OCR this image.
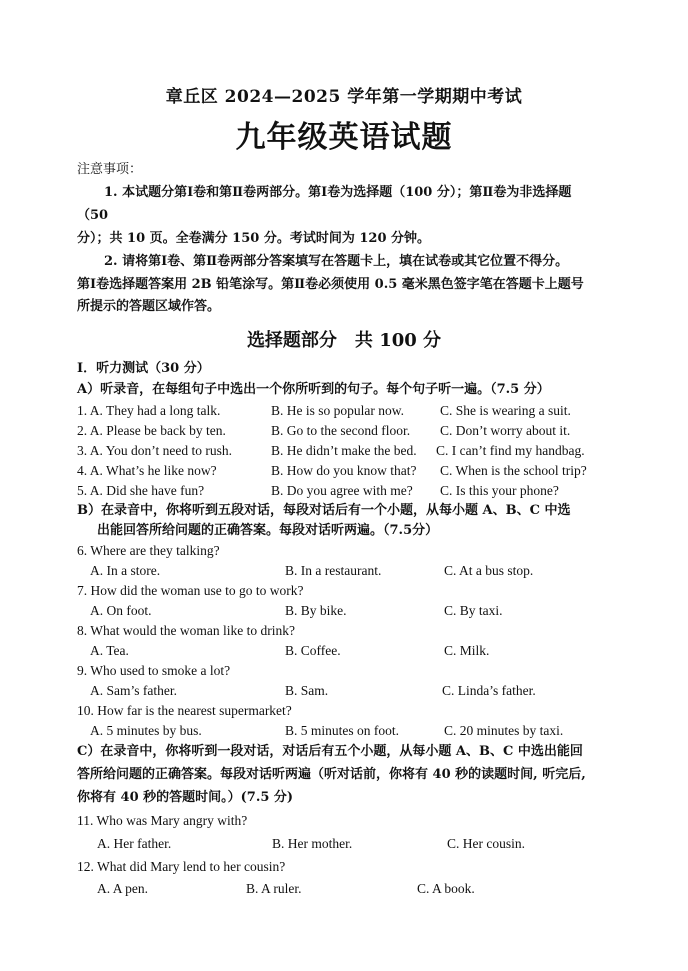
章丘区 2024—2025 学年第一学期期中考试
九年级英语试题
注意事项：
1. 本试题分第Ⅰ卷和第Ⅱ卷两部分。第Ⅰ卷为选择题（100 分）；第Ⅱ卷为非选择题
（50
分）；共 10 页。全卷满分 150 分。考试时间为 120 分钟。
2. 请将第Ⅰ卷、第Ⅱ卷两部分答案填写在答题卡上，填在试卷或其它位置不得分。
第Ⅰ卷选择题答案用 2B 铅笔涂写。第Ⅱ卷必须使用 0.5 毫米黑色签字笔在答题卡上题号
所提示的答题区域作答。
选择题部分　共 100 分
I．听力测试（30 分）
A）听录音，在每组句子中选出一个你所听到的句子。每个句子听一遍。（7.5 分）
1. A. They had a long talk.	B. He is so popular now.	C. She is wearing a suit.
2. A. Please be back by ten.	B. Go to the second floor. C. Don’t worry about it.
3. A. You don’t need to rush.	B. He didn’t make the bed. C. I can’t find my handbag.
4. A. What’s he like now?	B. How do you know that? C. When is the school trip?
5. A. Did she have fun?	B. Do you agree with me? C. Is this your phone?
B）在录音中，你将听到五段对话，每段对话后有一个小题，从每小题 A、B、C 中选
出能回答所给问题的正确答案。每段对话听两遍。（7.5分）
6. Where are they talking?
A. In a store.	B. In a restaurant.	C. At a bus stop.
7. How did the woman use to go to work?
A. On foot.	B. By bike.	C. By taxi.
8. What would the woman like to drink?
A. Tea.	B. Coffee.	C. Milk.
9. Who used to smoke a lot?
A. Sam’s father.	B. Sam.	C. Linda’s father.
10. How far is the nearest supermarket?
A. 5 minutes by bus.	B. 5 minutes on foot.	C. 20 minutes by taxi.
C）在录音中，你将听到一段对话，对话后有五个小题，从每小题 A、B、C 中选出能回
答所给问题的正确答案。每段对话听两遍（听对话前，你将有 40 秒的读题时间, 听完后,
你将有 40 秒的答题时间。）(7.5 分)
11. Who was Mary angry with?
A. Her father.	B. Her mother.	C. Her cousin.
12. What did Mary lend to her cousin?
A. A pen.	B. A ruler.	C. A book.
